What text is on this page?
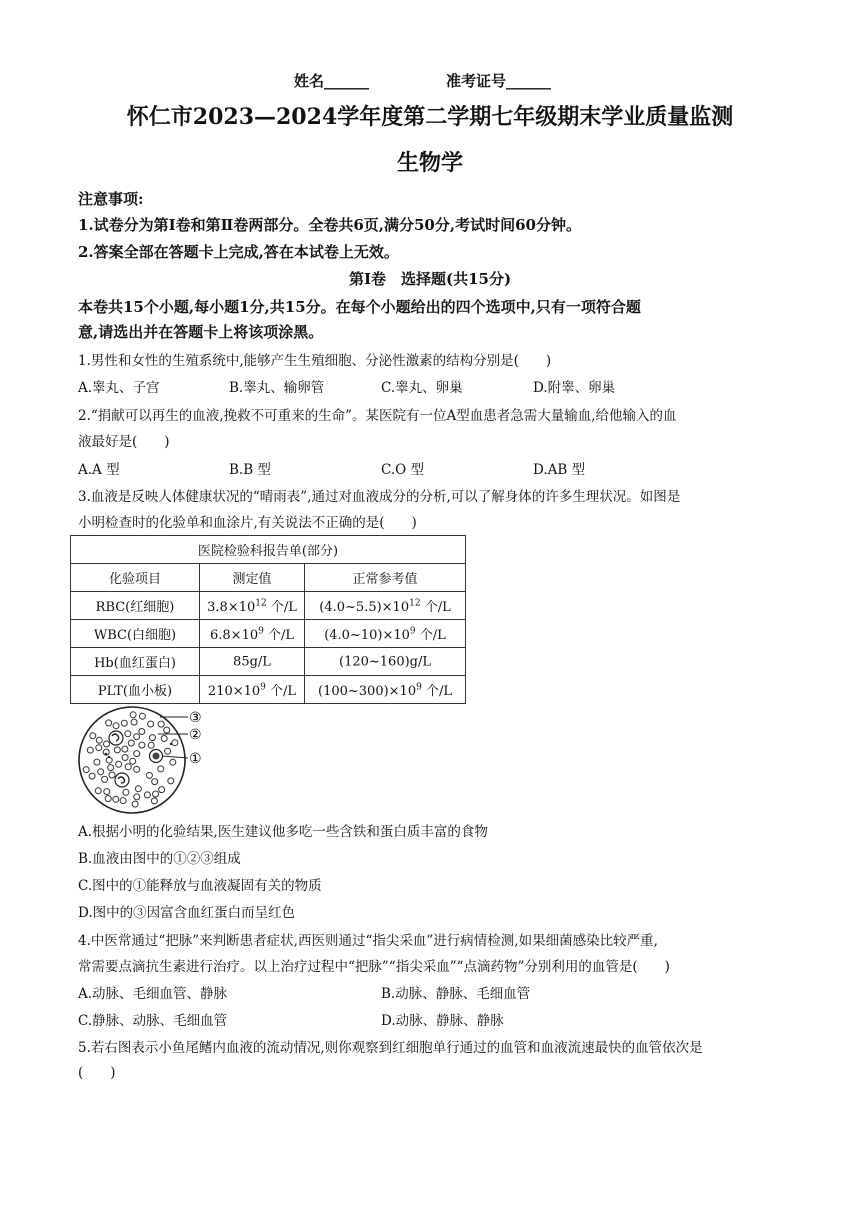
姓名______	准考证号______
怀仁市2023—2024学年度第二学期七年级期末学业质量监测
生物学
注意事项:
1.试卷分为第Ⅰ卷和第Ⅱ卷两部分。全卷共6页,满分50分,考试时间60分钟。
2.答案全部在答题卡上完成,答在本试卷上无效。
第Ⅰ卷　选择题(共15分)
本卷共15个小题,每小题1分,共15分。在每个小题给出的四个选项中,只有一项符合题
意,请选出并在答题卡上将该项涂黑。
1.男性和女性的生殖系统中,能够产生生殖细胞、分泌性激素的结构分别是(　　)
A.睾丸、子宫	B.睾丸、输卵管	C.睾丸、卵巢	D.附睾、卵巢
2.“捐献可以再生的血液,挽救不可重来的生命”。某医院有一位A型血患者急需大量输血,给他输入的血
液最好是(　　)
A.A 型	B.B 型	C.O 型	D.AB 型
3.血液是反映人体健康状况的“晴雨表”,通过对血液成分的分析,可以了解身体的许多生理状况。如图是
小明检查时的化验单和血涂片,有关说法不正确的是(　　)
医院检验科报告单(部分)		
化验项目	测定值	正常参考值
RBC(红细胞)	$3.8\times 10^{12}$ 个/L	$(4.0\sim 5.5)\times 10^{12}$ 个/L
WBC(白细胞)	$6.8\times 10^9$ 个/L	$(4.0\sim 10)\times 10^9$ 个/L
Hb(血红蛋白)	85g/L	(120~160)g/L
PLT(血小板)	$210\times 10^9$ 个/L	$(100\sim 300)\times 10^9$ 个/L
③
②
①
A.根据小明的化验结果,医生建议他多吃一些含铁和蛋白质丰富的食物
B.血液由图中的①②③组成
C.图中的①能释放与血液凝固有关的物质
D.图中的③因富含血红蛋白而呈红色
4.中医常通过“把脉”来判断患者症状,西医则通过“指尖采血”进行病情检测,如果细菌感染比较严重,
常需要点滴抗生素进行治疗。以上治疗过程中“把脉”“指尖采血”“点滴药物”分别利用的血管是(　　)
A.动脉、毛细血管、静脉	B.动脉、静脉、毛细血管
C.静脉、动脉、毛细血管	D.动脉、静脉、静脉
5.若右图表示小鱼尾鳍内血液的流动情况,则你观察到红细胞单行通过的血管和血液流速最快的血管依次是
(　　)
